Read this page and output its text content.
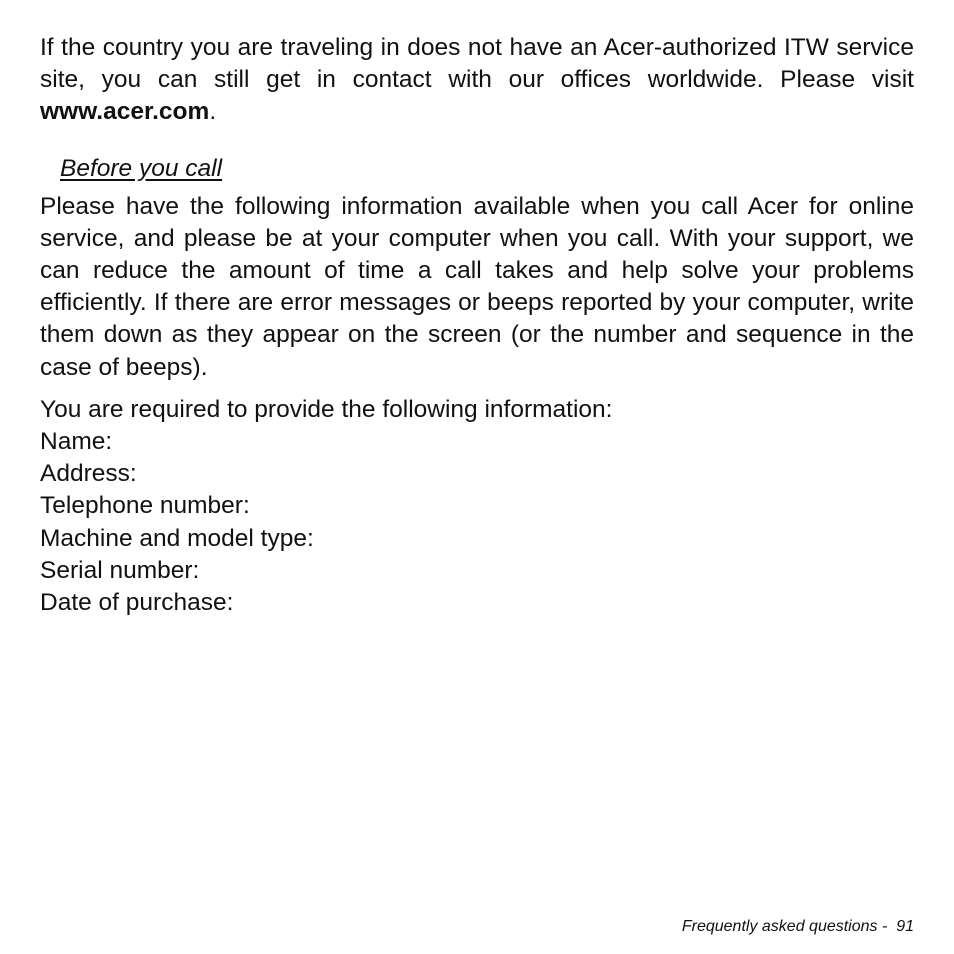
If the country you are traveling in does not have an Acer-authorized ITW service site, you can still get in contact with our offices worldwide. Please visit www.acer.com.

Before you call

Please have the following information available when you call Acer for online service, and please be at your computer when you call. With your support, we can reduce the amount of time a call takes and help solve your problems efficiently. If there are error messages or beeps reported by your computer, write them down as they appear on the screen (or the number and sequence in the case of beeps).

You are required to provide the following information:

Name:
Address:
Telephone number:
Machine and model type:
Serial number:
Date of purchase:
Frequently asked questions -  91
